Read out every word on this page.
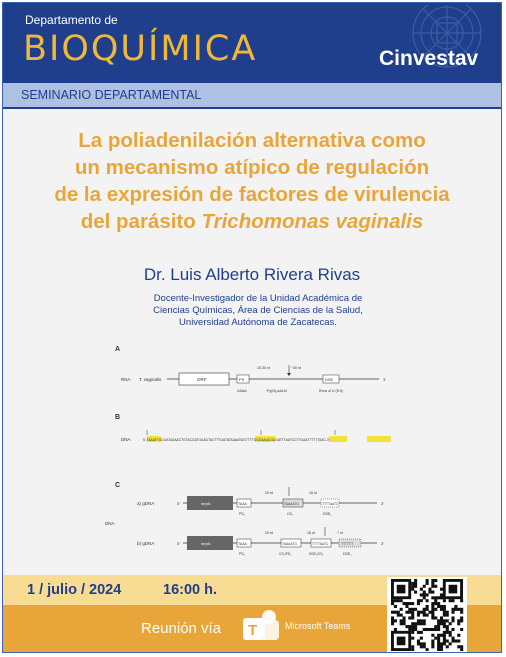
Departamento de
BIOQUÍMICA	Cinvestav
SEMINARIO DEPARTAMENTAL
La poliadenilación alternativa como
un mecanismo atípico de regulación
de la expresión de factores de virulencia
del parásito Trichomonas vaginalis
Dr. Luis Alberto Rivera Rivas
Docente-Investigador de la Unidad Académica de
Ciencias Químicas, Área de Ciencias de la Salud,
Universidad Autónoma de Zacatecas.
A
RNA T. vaginalis	ORF	PS
UAAA
10-30 nt	~30 nt
Py(N)₂AAUU
DSE
Runs of U (5-9)
3'
B
DNA	5'-TAAATTGCGATAAAACTGTACGATGAAGTACTTTGATATAAAATAGTTTTGGGAAACGCGATTTAATCCTTGAATTTTTTAAC-3'
C
DNA
a) gDNA	5'	mrpA	TAAA
PS₁
20 nt
TAAAATG
CS₁
16 nt
TTTTAATC
DSE₁
3'
b) gDNA	5'	mrpA	TAAA
PS₁
20 nt
TAAAATG
CS₁/PS₂
16 nt
TTTTAATC
DSE₁/CS₂
7 nt
TTTTTT
DSE₂
3'
1 / julio / 2024	16:00 h.
Reunión vía T	Microsoft Teams
